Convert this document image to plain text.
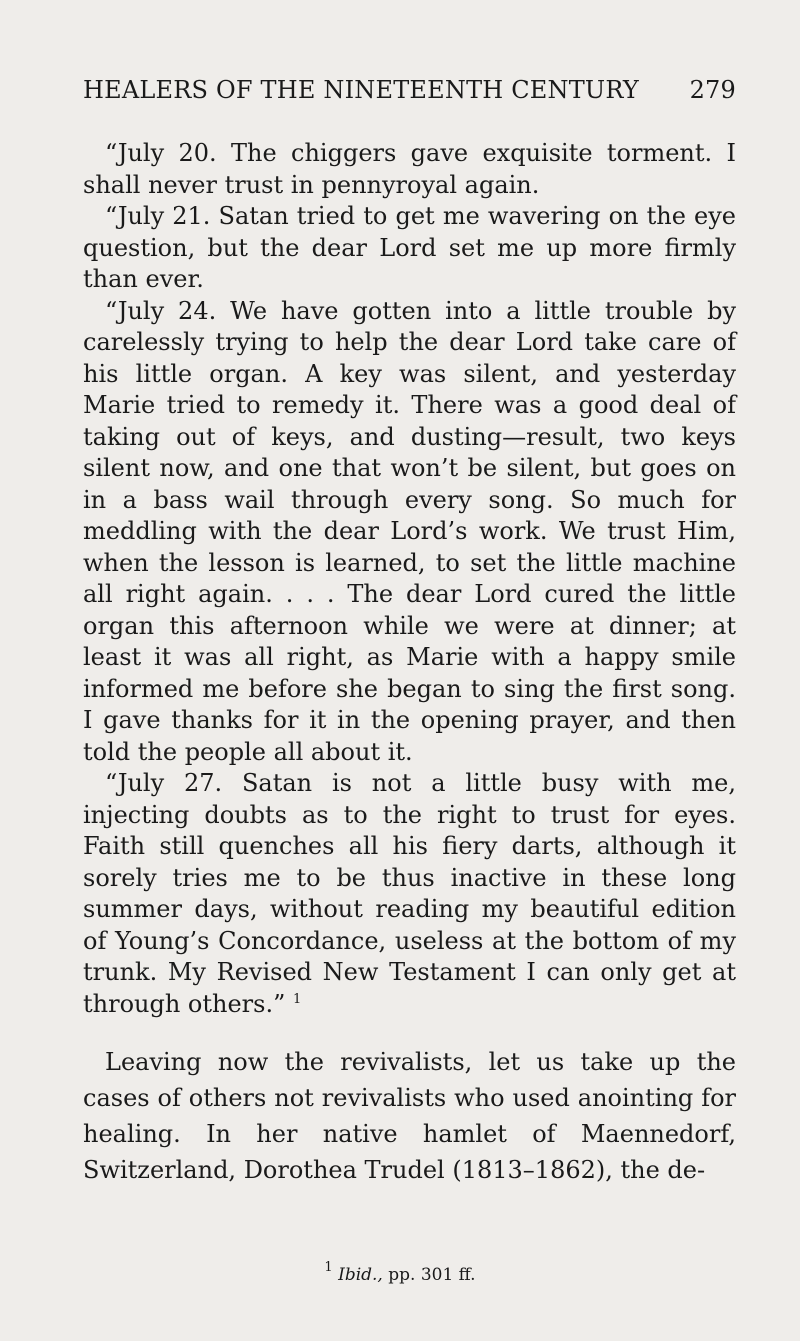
HEALERS OF THE NINETEENTH CENTURY 279

“July 20. The chiggers gave exquisite torment. I shall never trust in pennyroyal again.

“July 21. Satan tried to get me wavering on the eye question, but the dear Lord set me up more firmly than ever.

“July 24. We have gotten into a little trouble by carelessly trying to help the dear Lord take care of his little organ. A key was silent, and yesterday Marie tried to remedy it. There was a good deal of taking out of keys, and dusting—result, two keys silent now, and one that won’t be silent, but goes on in a bass wail through every song. So much for meddling with the dear Lord’s work. We trust Him, when the lesson is learned, to set the little machine all right again. . . . The dear Lord cured the little organ this afternoon while we were at dinner; at least it was all right, as Marie with a happy smile informed me before she began to sing the first song. I gave thanks for it in the opening prayer, and then told the people all about it.

“July 27. Satan is not a little busy with me, injecting doubts as to the right to trust for eyes. Faith still quenches all his fiery darts, although it sorely tries me to be thus inactive in these long summer days, without reading my beautiful edition of Young’s Concordance, useless at the bottom of my trunk. My Revised New Testament I can only get at through others.” $^1$

Leaving now the revivalists, let us take up the cases of others not revivalists who used anointing for healing. In her native hamlet of Maennedorf, Switzerland, Dorothea Trudel (1813–1862), the de-

$^1$ Ibid., pp. 301 ff.
